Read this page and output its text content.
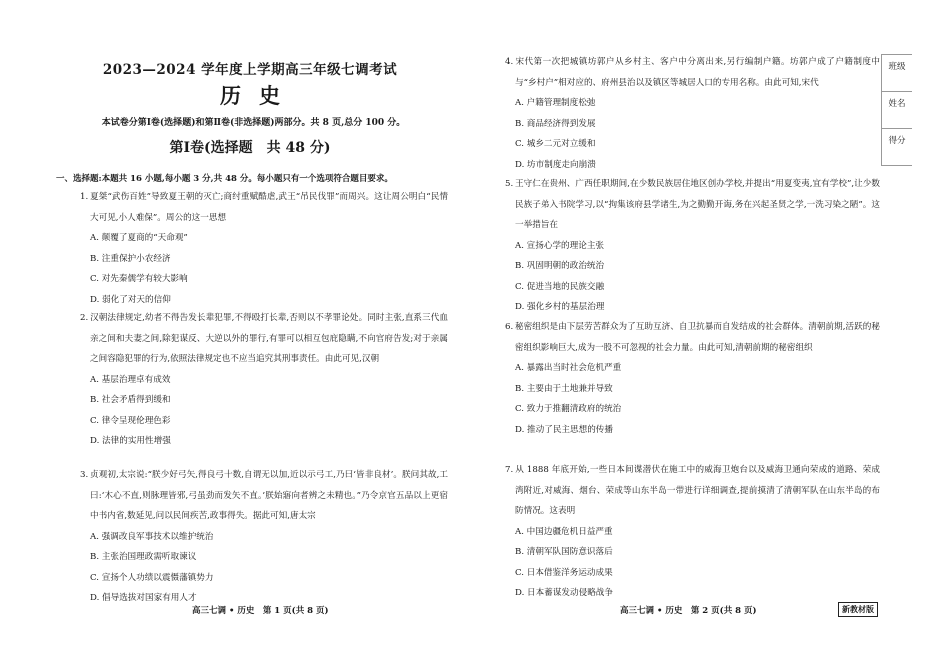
2023—2024 学年度上学期高三年级七调考试
历史
本试卷分第Ⅰ卷(选择题)和第Ⅱ卷(非选择题)两部分。共 8 页,总分 100 分。
第Ⅰ卷(选择题　共 48 分)
一、选择题:本题共 16 小题,每小题 3 分,共 48 分。每小题只有一个选项符合题目要求。
1. 夏桀“武伤百姓”导致夏王朝的灭亡;商纣重赋酷虐,武王“吊民伐罪”而周兴。这让周公明白“民情大可见,小人难保”。周公的这一思想
A. 颠覆了夏商的“天命观”
B. 注重保护小农经济
C. 对先秦儒学有较大影响
D. 弱化了对天的信仰
2. 汉朝法律规定,幼者不得告发长辈犯罪,不得殴打长辈,否则以不孝罪论处。同时主张,直系三代血亲之间和夫妻之间,除犯谋反、大逆以外的罪行,有罪可以相互包庇隐瞒,不向官府告发;对于亲属之间容隐犯罪的行为,依照法律规定也不应当追究其刑事责任。由此可见,汉朝
A. 基层治理卓有成效
B. 社会矛盾得到缓和
C. 律令呈现伦理色彩
D. 法律的实用性增强
3. 贞观初,太宗说:“朕少好弓矢,得良弓十数,自谓无以加,近以示弓工,乃曰‘皆非良材’。朕问其故,工曰:‘木心不直,则脉理皆邪,弓虽劲而发矢不直。’朕始寤向者辨之未精也。”乃令京官五品以上更宿中书内省,数延见,问以民间疾苦,政事得失。据此可知,唐太宗
A. 强调改良军事技术以维护统治
B. 主张治国理政需听取谏议
C. 宣扬个人功绩以震慑藩镇势力
D. 倡导选拔对国家有用人才
高三七调 • 历史　第 1 页(共 8 页)
4. 宋代第一次把城镇坊郭户从乡村主、客户中分离出来,另行编制户籍。坊郭户成了户籍制度中与“乡村户”相对应的、府州县治以及镇区等城居人口的专用名称。由此可知,宋代
A. 户籍管理制度松弛
B. 商品经济得到发展
C. 城乡二元对立缓和
D. 坊市制度走向崩溃
5. 王守仁在贵州、广西任职期间,在少数民族居住地区创办学校,并提出“用夏变夷,宜有学校”,让少数民族子弟入书院学习,以“拘集该府县学诸生,为之勤勤开诲,务在兴起圣贤之学,一洗习染之陋”。这一举措旨在
A. 宣扬心学的理论主张
B. 巩固明朝的政治统治
C. 促进当地的民族交融
D. 强化乡村的基层治理
6. 秘密组织是由下层劳苦群众为了互助互济、自卫抗暴而自发结成的社会群体。清朝前期,活跃的秘密组织影响巨大,成为一股不可忽视的社会力量。由此可知,清朝前期的秘密组织
A. 暴露出当时社会危机严重
B. 主要由于土地兼并导致
C. 致力于推翻清政府的统治
D. 推动了民主思想的传播
7. 从 1888 年底开始,一些日本间谍潜伏在施工中的威海卫炮台以及威海卫通向荣成的道路、荣成湾附近,对威海、烟台、荣成等山东半岛一带进行详细调查,提前摸清了清朝军队在山东半岛的布防情况。这表明
A. 中国边疆危机日益严重
B. 清朝军队国防意识落后
C. 日本借鉴洋务运动成果
D. 日本蓄谋发动侵略战争
高三七调 • 历史　第 2 页(共 8 页)	新教材版
班级
姓名
得分
